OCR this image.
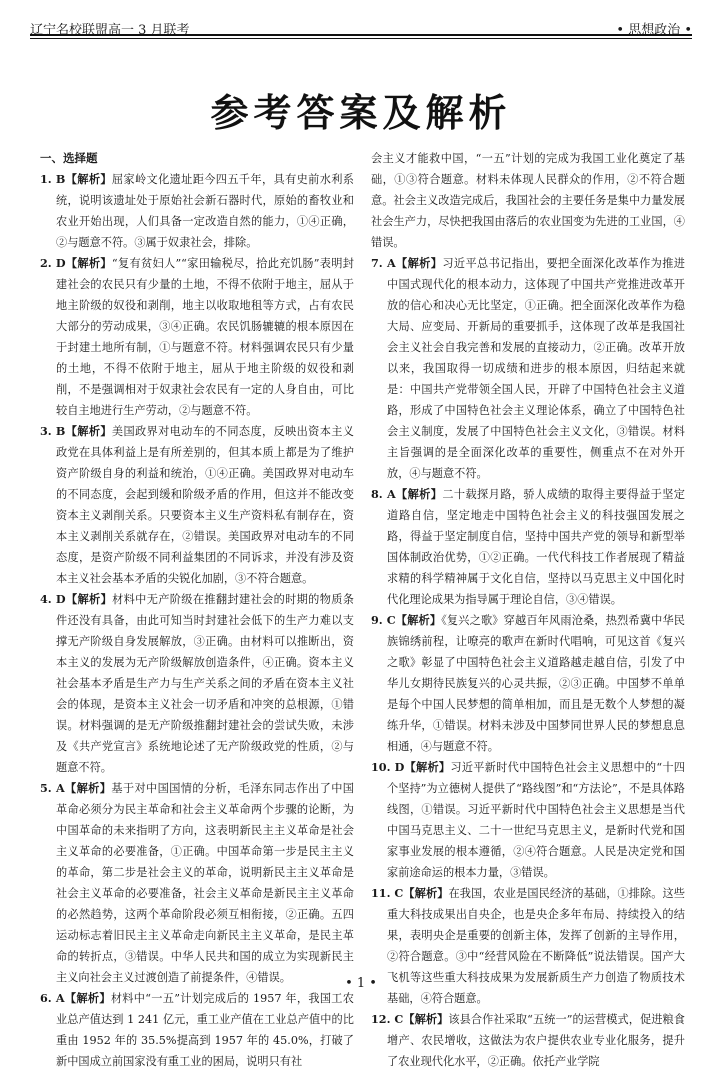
辽宁名校联盟高一 3 月联考	• 思想政治 •
参考答案及解析
一、选择题

1. B【解析】屈家岭文化遗址距今四五千年，具有史前水利系统，说明该遗址处于原始社会新石器时代，原始的畜牧业和农业开始出现，人们具备一定改造自然的能力，①④正确，②与题意不符。③属于奴隶社会，排除。

2. D【解析】“复有贫妇人”“家田输税尽，拾此充饥肠”表明封建社会的农民只有少量的土地，不得不依附于地主，屈从于地主阶级的奴役和剥削，地主以收取地租等方式，占有农民大部分的劳动成果，③④正确。农民饥肠辘辘的根本原因在于封建土地所有制，①与题意不符。材料强调农民只有少量的土地，不得不依附于地主，屈从于地主阶级的奴役和剥削，不是强调相对于奴隶社会农民有一定的人身自由，可比较自主地进行生产劳动，②与题意不符。

3. B【解析】美国政界对电动车的不同态度，反映出资本主义政党在具体利益上是有所差别的，但其本质上都是为了维护资产阶级自身的利益和统治，①④正确。美国政界对电动车的不同态度，会起到缓和阶级矛盾的作用，但这并不能改变资本主义剥削关系。只要资本主义生产资料私有制存在，资本主义剥削关系就存在，②错误。美国政界对电动车的不同态度，是资产阶级不同利益集团的不同诉求，并没有涉及资本主义社会基本矛盾的尖锐化加剧，③不符合题意。

4. D【解析】材料中无产阶级在推翻封建社会的时期的物质条件还没有具备，由此可知当时封建社会低下的生产力难以支撑无产阶级自身发展解放，③正确。由材料可以推断出，资本主义的发展为无产阶级解放创造条件，④正确。资本主义社会基本矛盾是生产力与生产关系之间的矛盾在资本主义社会的体现，是资本主义社会一切矛盾和冲突的总根源，①错误。材料强调的是无产阶级推翻封建社会的尝试失败，未涉及《共产党宣言》系统地论述了无产阶级政党的性质，②与题意不符。

5. A【解析】基于对中国国情的分析，毛泽东同志作出了中国革命必须分为民主革命和社会主义革命两个步骤的论断，为中国革命的未来指明了方向，这表明新民主主义革命是社会主义革命的必要准备，①正确。中国革命第一步是民主主义的革命，第二步是社会主义的革命，说明新民主主义革命是社会主义革命的必要准备，社会主义革命是新民主主义革命的必然趋势，这两个革命阶段必须互相衔接，②正确。五四运动标志着旧民主主义革命走向新民主主义革命，是民主革命的转折点，③错误。中华人民共和国的成立为实现新民主主义向社会主义过渡创造了前提条件，④错误。

6. A【解析】材料中“一五”计划完成后的 1957 年，我国工农业总产值达到 1 241 亿元，重工业产值在工业总产值中的比重由 1952 年的 35.5%提高到 1957 年的 45.0%，打破了新中国成立前国家没有重工业的困局，说明只有社

会主义才能救中国，“一五”计划的完成为我国工业化奠定了基础，①③符合题意。材料未体现人民群众的作用，②不符合题意。社会主义改造完成后，我国社会的主要任务是集中力量发展社会生产力，尽快把我国由落后的农业国变为先进的工业国，④错误。

7. A【解析】习近平总书记指出，要把全面深化改革作为推进中国式现代化的根本动力，这体现了中国共产党推进改革开放的信心和决心无比坚定，①正确。把全面深化改革作为稳大局、应变局、开新局的重要抓手，这体现了改革是我国社会主义社会自我完善和发展的直接动力，②正确。改革开放以来，我国取得一切成绩和进步的根本原因，归结起来就是：中国共产党带领全国人民，开辟了中国特色社会主义道路，形成了中国特色社会主义理论体系，确立了中国特色社会主义制度，发展了中国特色社会主义文化，③错误。材料主旨强调的是全面深化改革的重要性，侧重点不在对外开放，④与题意不符。

8. A【解析】二十载探月路，骄人成绩的取得主要得益于坚定道路自信，坚定地走中国特色社会主义的科技强国发展之路，得益于坚定制度自信，坚持中国共产党的领导和新型举国体制政治优势，①②正确。一代代科技工作者展现了精益求精的科学精神属于文化自信，坚持以马克思主义中国化时代化理论成果为指导属于理论自信，③④错误。

9. C【解析】《复兴之歌》穿越百年风雨沧桑，热烈希冀中华民族锦绣前程，让嘹亮的歌声在新时代唱响，可见这首《复兴之歌》彰显了中国特色社会主义道路越走越自信，引发了中华儿女期待民族复兴的心灵共振，②③正确。中国梦不单单是每个中国人民梦想的简单相加，而且是无数个人梦想的凝练升华，①错误。材料未涉及中国梦同世界人民的梦想息息相通，④与题意不符。

10. D【解析】习近平新时代中国特色社会主义思想中的“十四个坚持”为立德树人提供了“路线图”和“方法论”，不是具体路线图，①错误。习近平新时代中国特色社会主义思想是当代中国马克思主义、二十一世纪马克思主义，是新时代党和国家事业发展的根本遵循，②④符合题意。人民是决定党和国家前途命运的根本力量，③错误。

11. C【解析】在我国，农业是国民经济的基础，①排除。这些重大科技成果出自央企，也是央企多年布局、持续投入的结果，表明央企是重要的创新主体，发挥了创新的主导作用，②符合题意。③中“经营风险在不断降低”说法错误。国产大飞机等这些重大科技成果为发展新质生产力创造了物质技术基础，④符合题意。

12. C【解析】该县合作社采取“五统一”的运营模式，促进粮食增产、农民增收，这做法为农户提供农业专业化服务，提升了农业现代化水平，②正确。依托产业学院

• 1 •
